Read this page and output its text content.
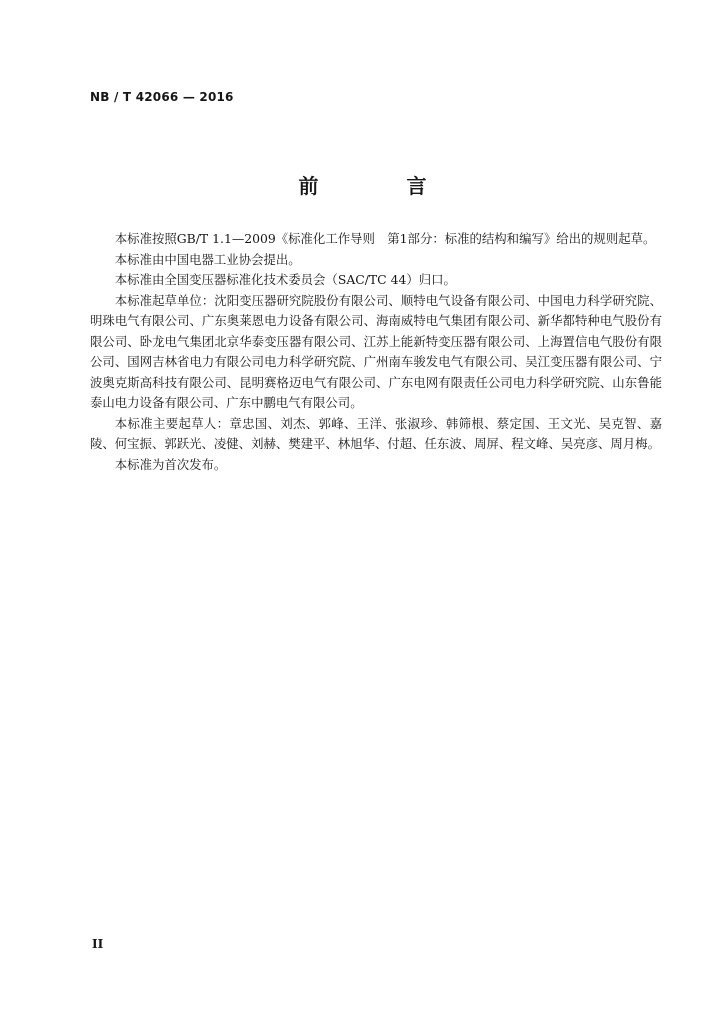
NB / T 42066 — 2016
前　言

本标准按照GB/T 1.1—2009《标准化工作导则　第1部分：标准的结构和编写》给出的规则起草。

本标准由中国电器工业协会提出。

本标准由全国变压器标准化技术委员会（SAC/TC 44）归口。

本标准起草单位：沈阳变压器研究院股份有限公司、顺特电气设备有限公司、中国电力科学研究院、明珠电气有限公司、广东奥莱恩电力设备有限公司、海南威特电气集团有限公司、新华都特种电气股份有限公司、卧龙电气集团北京华泰变压器有限公司、江苏上能新特变压器有限公司、上海置信电气股份有限公司、国网吉林省电力有限公司电力科学研究院、广州南车骏发电气有限公司、吴江变压器有限公司、宁波奥克斯高科技有限公司、昆明赛格迈电气有限公司、广东电网有限责任公司电力科学研究院、山东鲁能泰山电力设备有限公司、广东中鹏电气有限公司。

本标准主要起草人：章忠国、刘杰、郭峰、王洋、张淑珍、韩筛根、蔡定国、王文光、吴克智、嘉陵、何宝振、郭跃光、凌健、刘赫、樊建平、林旭华、付超、任东波、周屏、程文峰、吴亮彦、周月梅。

本标准为首次发布。

II
